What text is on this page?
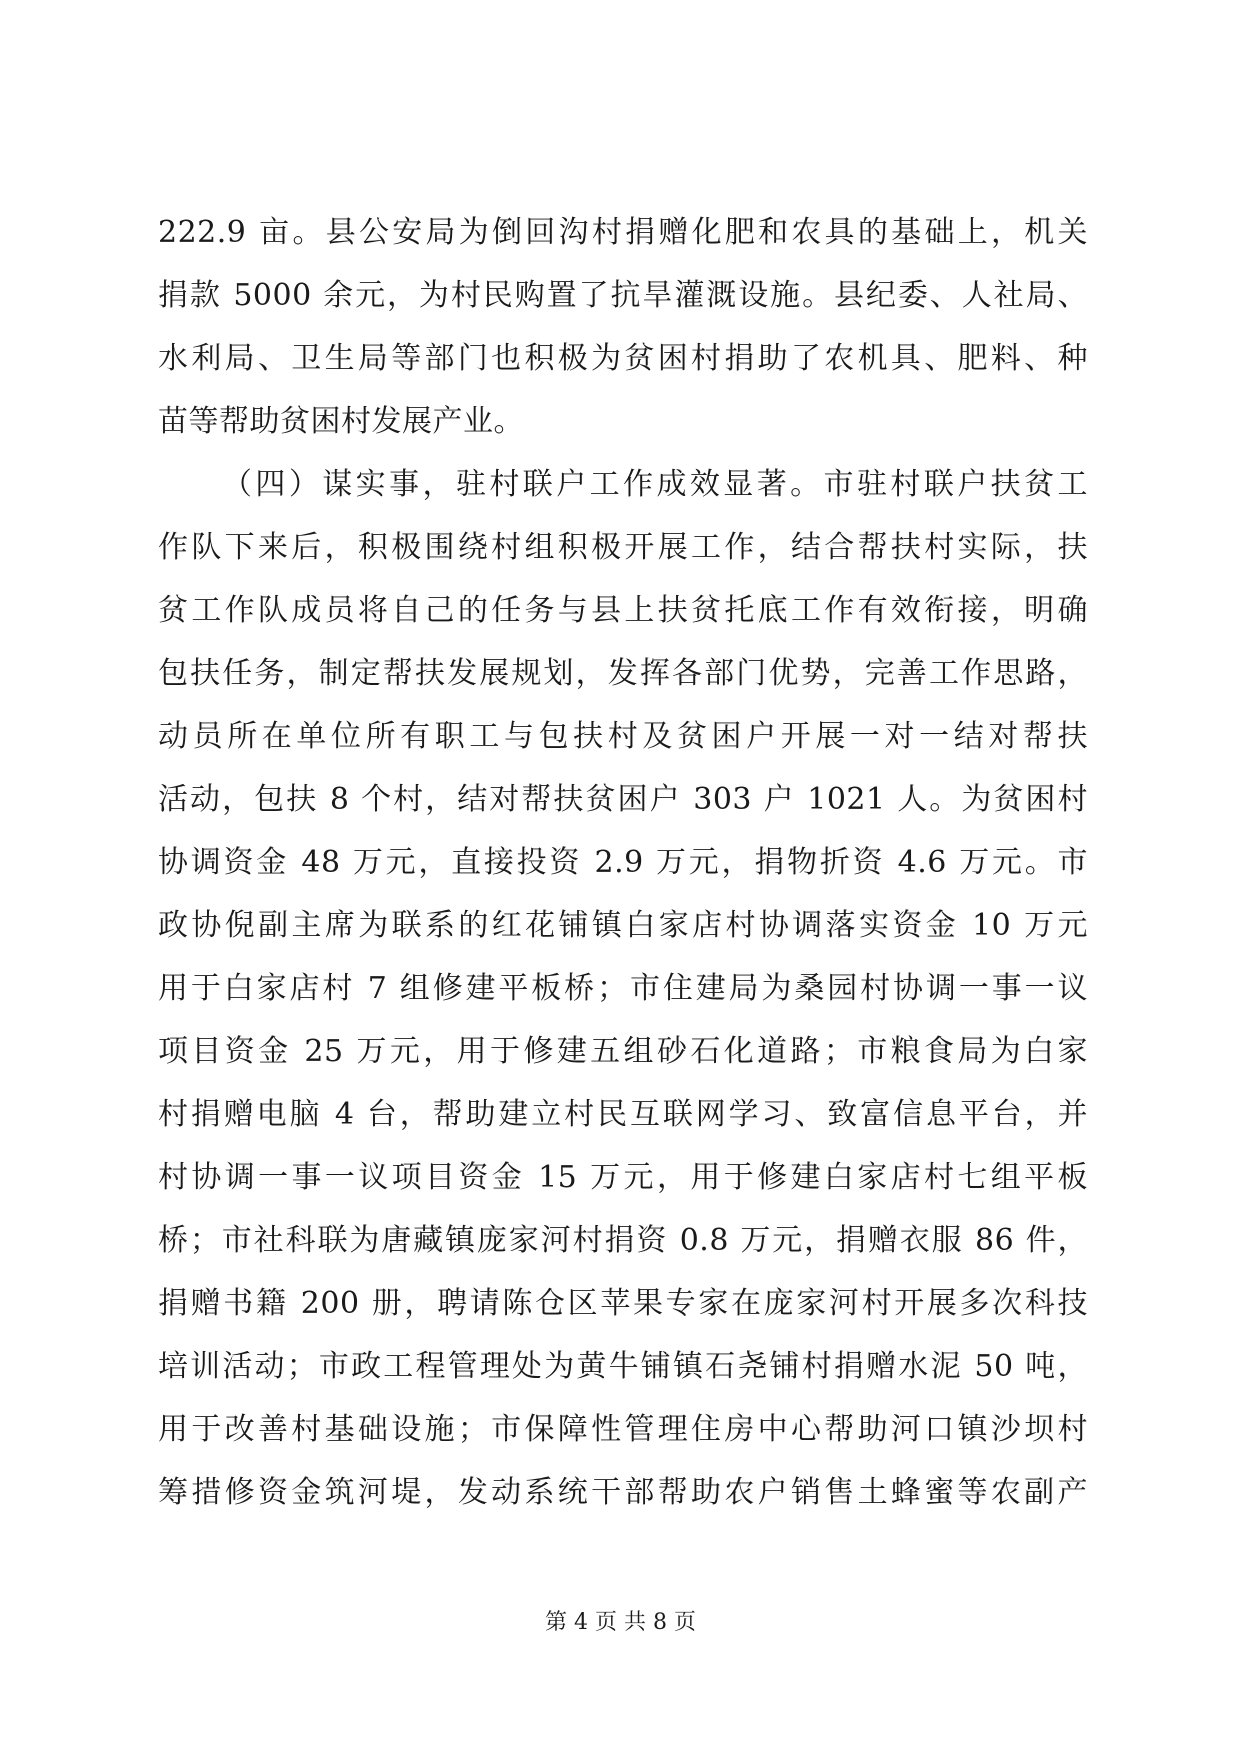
222.9 亩。县公安局为倒回沟村捐赠化肥和农具的基础上，机关
捐款 5000 余元，为村民购置了抗旱灌溉设施。县纪委、人社局、
水利局、卫生局等部门也积极为贫困村捐助了农机具、肥料、种
苗等帮助贫困村发展产业。
（四）谋实事，驻村联户工作成效显著。市驻村联户扶贫工
作队下来后，积极围绕村组积极开展工作，结合帮扶村实际，扶
贫工作队成员将自己的任务与县上扶贫托底工作有效衔接，明确
包扶任务，制定帮扶发展规划，发挥各部门优势，完善工作思路，
动员所在单位所有职工与包扶村及贫困户开展一对一结对帮扶
活动，包扶 8 个村，结对帮扶贫困户 303 户 1021 人。为贫困村
协调资金 48 万元，直接投资 2.9 万元，捐物折资 4.6 万元。市
政协倪副主席为联系的红花铺镇白家店村协调落实资金 10 万元
用于白家店村 7 组修建平板桥；市住建局为桑园村协调一事一议
项目资金 25 万元，用于修建五组砂石化道路；市粮食局为白家
村捐赠电脑 4 台，帮助建立村民互联网学习、致富信息平台，并
村协调一事一议项目资金 15 万元，用于修建白家店村七组平板
桥；市社科联为唐藏镇庞家河村捐资 0.8 万元，捐赠衣服 86 件，
捐赠书籍 200 册，聘请陈仓区苹果专家在庞家河村开展多次科技
培训活动；市政工程管理处为黄牛铺镇石尧铺村捐赠水泥 50 吨，
用于改善村基础设施；市保障性管理住房中心帮助河口镇沙坝村
筹措修资金筑河堤，发动系统干部帮助农户销售土蜂蜜等农副产
第 4 页 共 8 页
